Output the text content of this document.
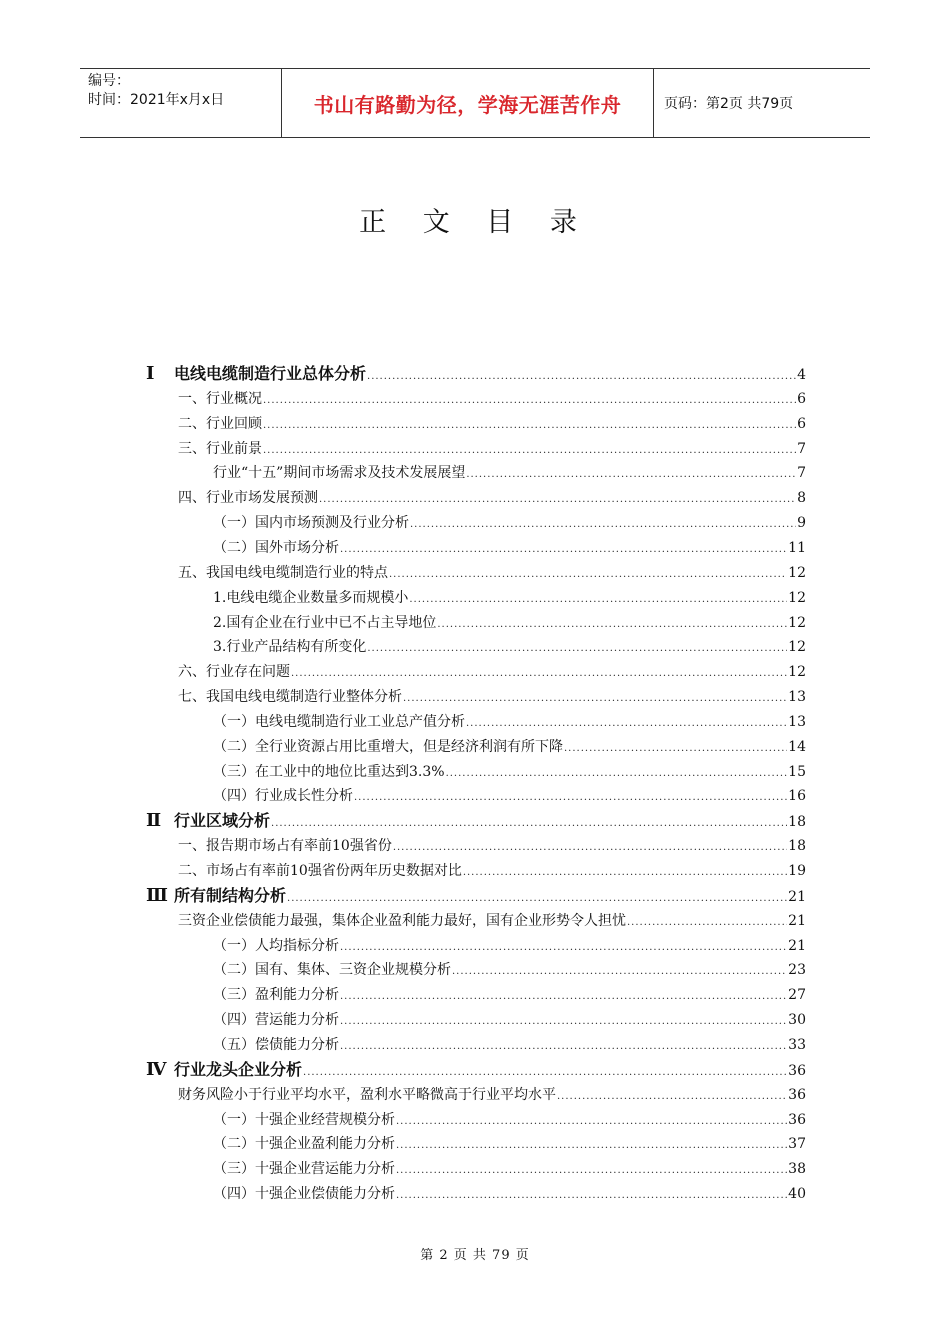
编号：
时间：2021年x月x日	书山有路勤为径，学海无涯苦作舟	页码：第2页 共79页
正 文 目 录
Ⅰ 电线电缆制造行业总体分析 .....	4
一、行业概况 .....	6
二、行业回顾 .....	6
三、行业前景 .....	7
行业“十五”期间市场需求及技术发展展望 .....	7
四、行业市场发展预测 .....	8
（一）国内市场预测及行业分析 .....	9
（二）国外市场分析 .....	11
五、我国电线电缆制造行业的特点 .....	12
1.电线电缆企业数量多而规模小 .....	12
2.国有企业在行业中已不占主导地位 .....	12
3.行业产品结构有所变化 .....	12
六、行业存在问题 .....	12
七、我国电线电缆制造行业整体分析 .....	13
（一）电线电缆制造行业工业总产值分析 .....	13
（二）全行业资源占用比重增大，但是经济利润有所下降 .....	14
（三）在工业中的地位比重达到3.3% .....	15
（四）行业成长性分析 .....	16
Ⅱ 行业区域分析 .....	18
一、报告期市场占有率前10强省份 .....	18
二、市场占有率前10强省份两年历史数据对比 .....	19
Ⅲ 所有制结构分析 .....	21
三资企业偿债能力最强，集体企业盈利能力最好，国有企业形势令人担忧 .....	21
（一）人均指标分析 .....	21
（二）国有、集体、三资企业规模分析 .....	23
（三）盈利能力分析 .....	27
（四）营运能力分析 .....	30
（五）偿债能力分析 .....	33
Ⅳ 行业龙头企业分析 .....	36
财务风险小于行业平均水平，盈利水平略微高于行业平均水平 .....	36
（一）十强企业经营规模分析 .....	36
（二）十强企业盈利能力分析 .....	37
（三）十强企业营运能力分析 .....	38
（四）十强企业偿债能力分析 .....	40
第 2 页 共 79 页
